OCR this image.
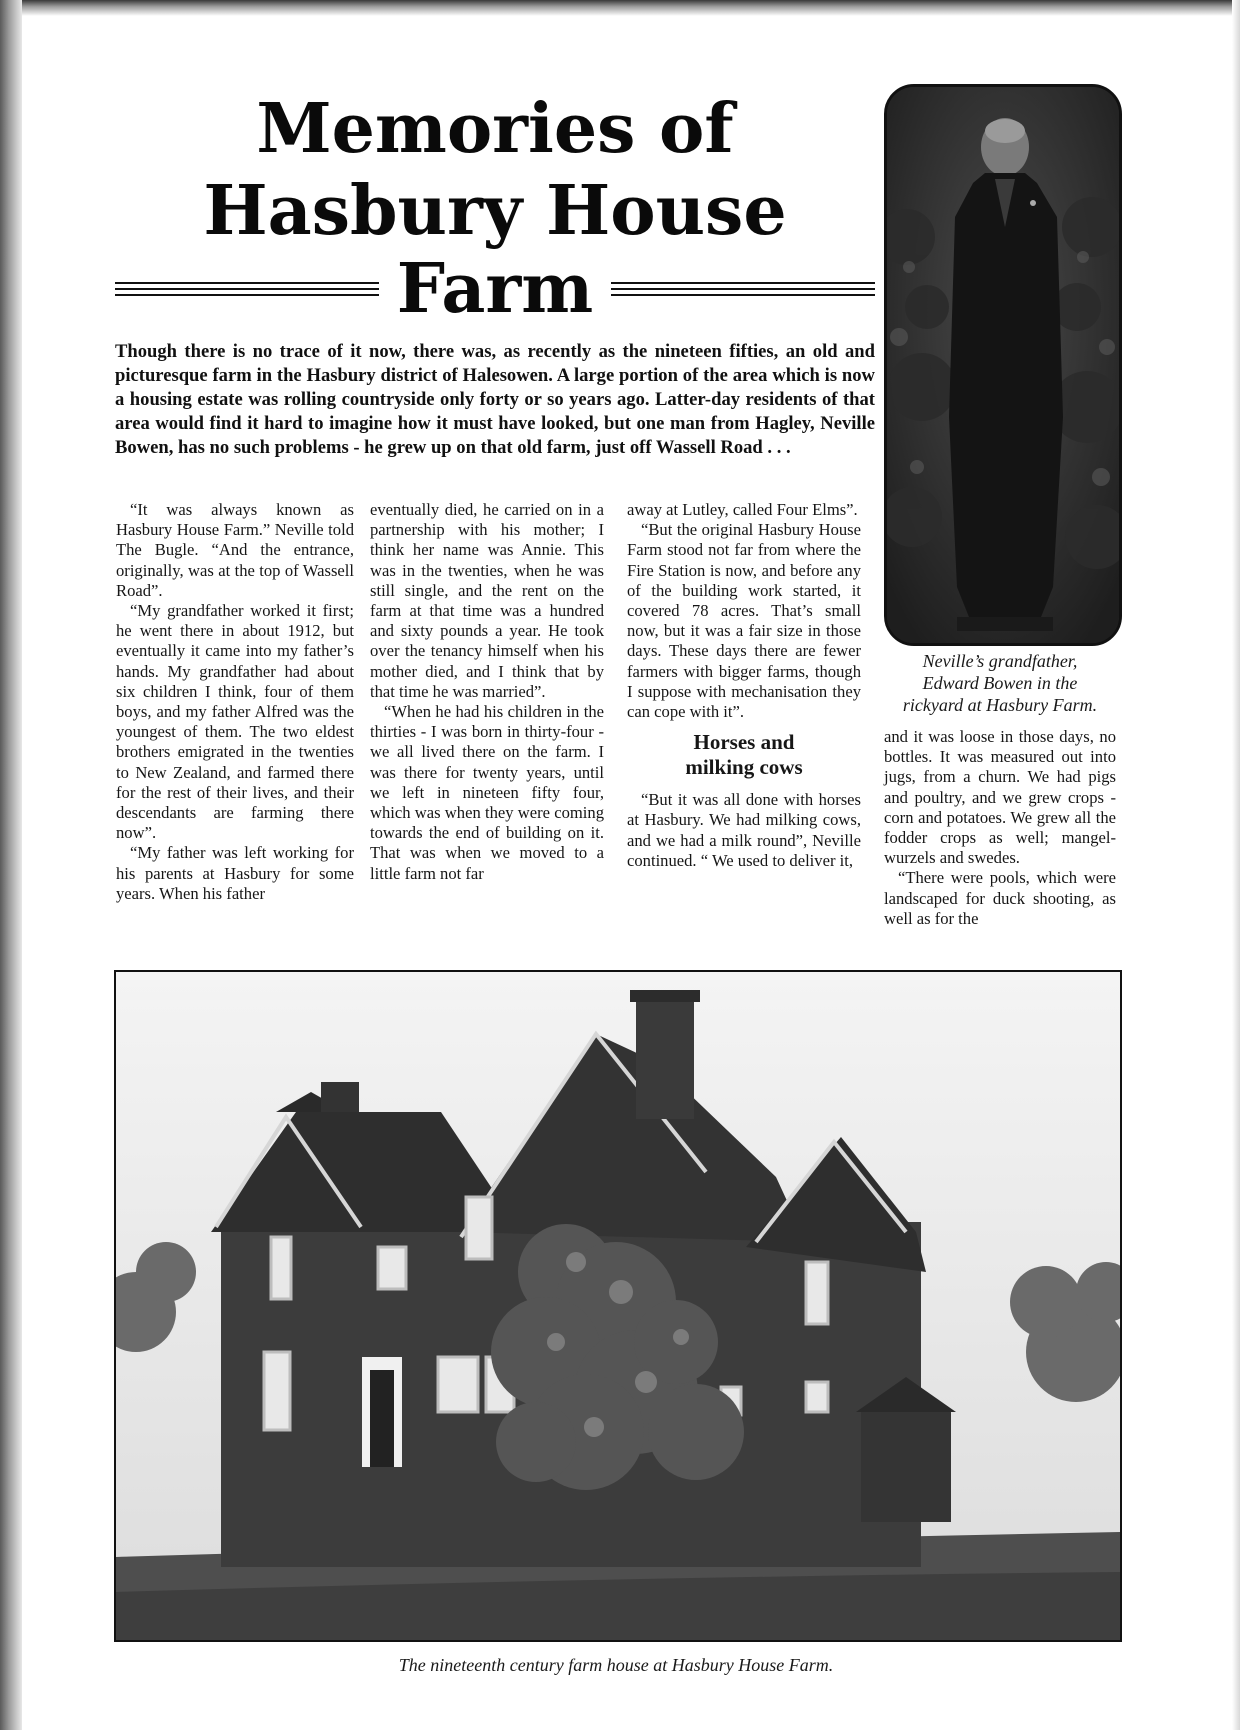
Memories of
Hasbury House
Farm

Though there is no trace of it now, there was, as recently as the nineteen fifties, an old and picturesque farm in the Hasbury district of Halesowen. A large portion of the area which is now a housing estate was rolling countryside only forty or so years ago. Latter-day residents of that area would find it hard to imagine how it must have looked, but one man from Hagley, Neville Bowen, has no such problems - he grew up on that old farm, just off Wassell Road . . .

Neville’s grandfather,
Edward Bowen in the
rickyard at Hasbury Farm.

“It was always known as Hasbury House Farm.” Neville told The Bugle. “And the entrance, originally, was at the top of Wassell Road”.

“My grandfather worked it first; he went there in about 1912, but eventually it came into my father’s hands. My grandfather had about six children I think, four of them boys, and my father Alfred was the youngest of them. The two eldest brothers emigrated in the twenties to New Zealand, and farmed there for the rest of their lives, and their descendants are farming there now”.

“My father was left working for his parents at Hasbury for some years. When his father

eventually died, he carried on in a partnership with his mother; I think her name was Annie. This was in the twenties, when he was still single, and the rent on the farm at that time was a hundred and sixty pounds a year. He took over the tenancy himself when his mother died, and I think that by that time he was married”.

“When he had his children in the thirties - I was born in thirty-four - we all lived there on the farm. I was there for twenty years, until we left in nineteen fifty four, which was when they were coming towards the end of building on it. That was when we moved to a little farm not far

away at Lutley, called Four Elms”.

“But the original Hasbury House Farm stood not far from where the Fire Station is now, and before any of the building work started, it covered 78 acres. That’s small now, but it was a fair size in those days. These days there are fewer farmers with bigger farms, though I suppose with mechanisation they can cope with it”.

Horses and
milking cows

“But it was all done with horses at Hasbury. We had milking cows, and we had a milk round”, Neville continued. “ We used to deliver it,

and it was loose in those days, no bottles. It was measured out into jugs, from a churn. We had pigs and poultry, and we grew crops - corn and potatoes. We grew all the fodder crops as well; mangel-wurzels and swedes.

“There were pools, which were landscaped for duck shooting, as well as for the

The nineteenth century farm house at Hasbury House Farm.
